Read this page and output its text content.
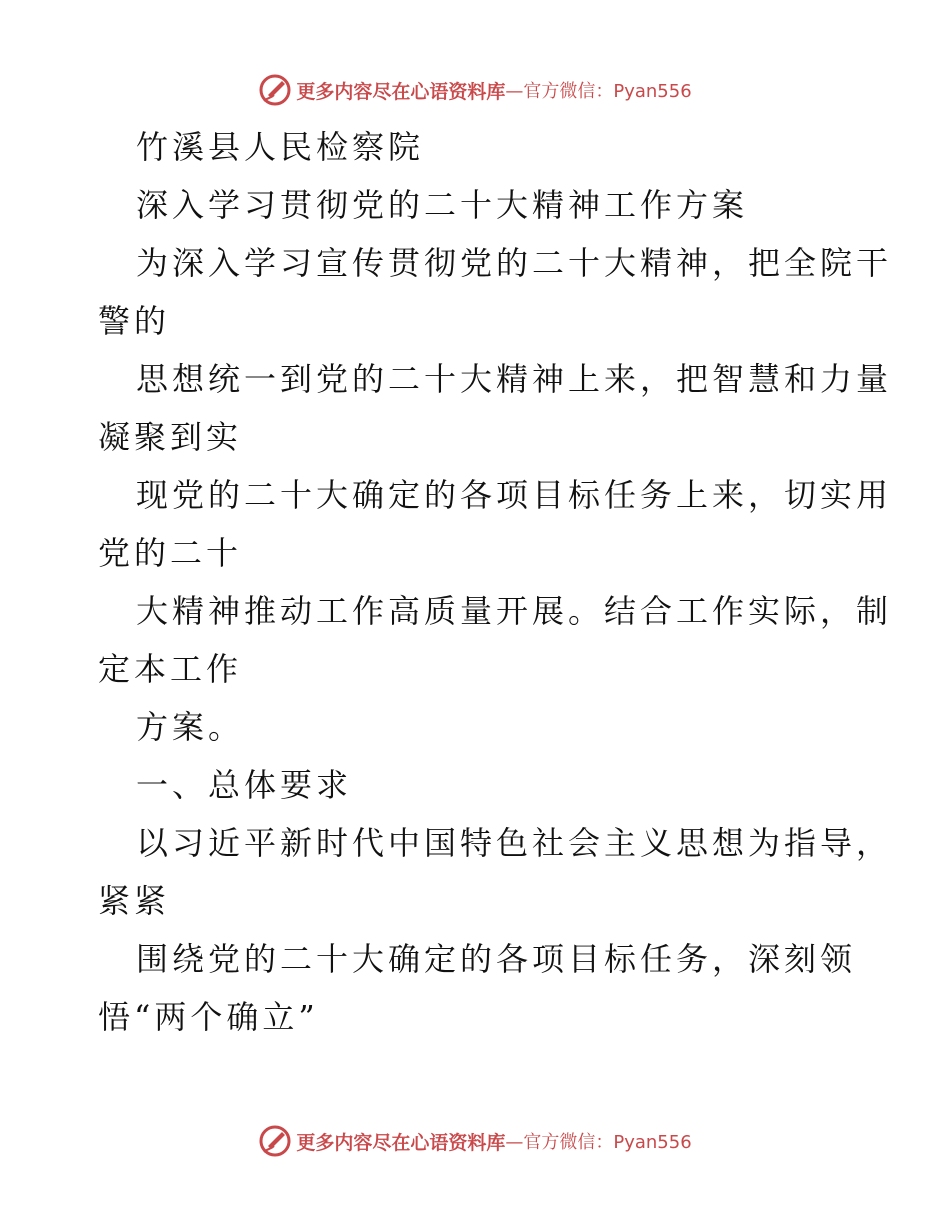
更多内容尽在心语资料库 —官方微信：Pyan556
竹溪县人民检察院
深入学习贯彻党的二十大精神工作方案
为深入学习宣传贯彻党的二十大精神，把全院干
警的
思想统一到党的二十大精神上来，把智慧和力量
凝聚到实
现党的二十大确定的各项目标任务上来，切实用
党的二十
大精神推动工作高质量开展。结合工作实际，制
定本工作
方案。
一、总体要求
以习近平新时代中国特色社会主义思想为指导，
紧紧
围绕党的二十大确定的各项目标任务，深刻领
悟“两个确立”
更多内容尽在心语资料库 —官方微信：Pyan556
